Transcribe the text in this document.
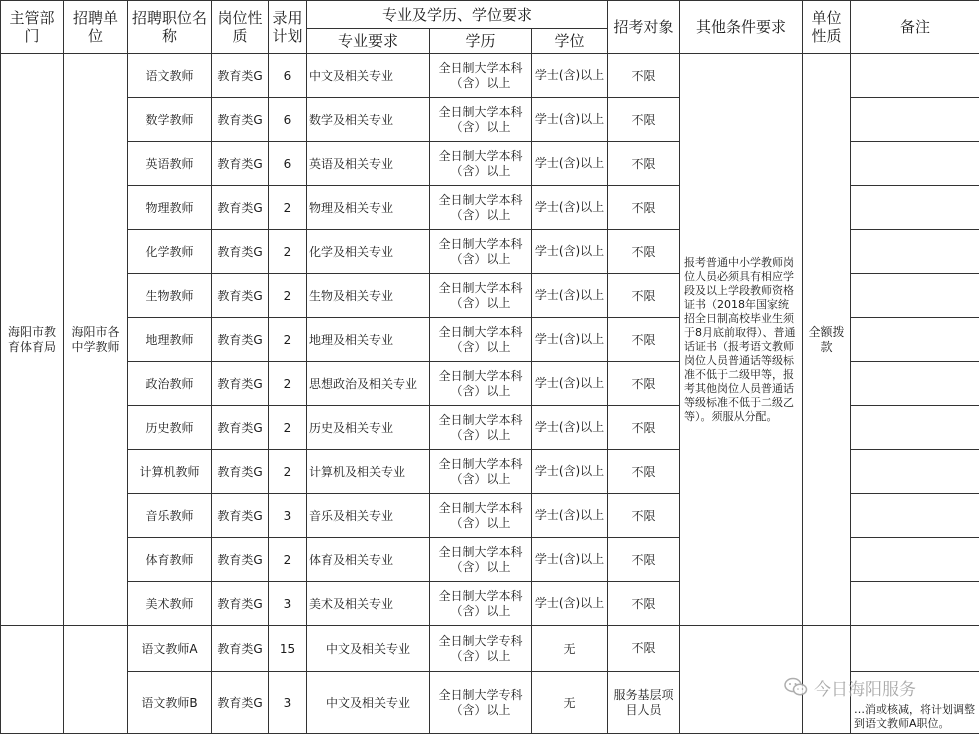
主管部门	招聘单位	招聘职位名称	岗位性质	录用计划	专业及学历、学位要求			招考对象	其他条件要求	单位性质	备注
					专业要求	学历	学位				
海阳市教育体育局	海阳市各中学教师	语文教师	教育类G	6	中文及相关专业	全日制大学本科（含）以上	学士(含)以上	不限	报考普通中小学教师岗位人员必须具有相应学段及以上学段教师资格证书（2018年国家统招全日制高校毕业生须于8月底前取得）、普通话证书（报考语文教师岗位人员普通话等级标准不低于二级甲等，报考其他岗位人员普通话等级标准不低于二级乙等）。须服从分配。	全额拨款	
		数学教师	教育类G	6	数学及相关专业	全日制大学本科（含）以上	学士(含)以上	不限			
		英语教师	教育类G	6	英语及相关专业	全日制大学本科（含）以上	学士(含)以上	不限			
		物理教师	教育类G	2	物理及相关专业	全日制大学本科（含）以上	学士(含)以上	不限			
		化学教师	教育类G	2	化学及相关专业	全日制大学本科（含）以上	学士(含)以上	不限			
		生物教师	教育类G	2	生物及相关专业	全日制大学本科（含）以上	学士(含)以上	不限			
		地理教师	教育类G	2	地理及相关专业	全日制大学本科（含）以上	学士(含)以上	不限			
		政治教师	教育类G	2	思想政治及相关专业	全日制大学本科（含）以上	学士(含)以上	不限			
		历史教师	教育类G	2	历史及相关专业	全日制大学本科（含）以上	学士(含)以上	不限			
		计算机教师	教育类G	2	计算机及相关专业	全日制大学本科（含）以上	学士(含)以上	不限			
		音乐教师	教育类G	3	音乐及相关专业	全日制大学本科（含）以上	学士(含)以上	不限			
		体育教师	教育类G	2	体育及相关专业	全日制大学本科（含）以上	学士(含)以上	不限			
		美术教师	教育类G	3	美术及相关专业	全日制大学本科（含）以上	学士(含)以上	不限			
		语文教师A	教育类G	15	中文及相关专业	全日制大学专科（含）以上	无	不限			
		语文教师B	教育类G	3	中文及相关专业	全日制大学专科（含）以上	无	服务基层项目人员			…消或核减，将计划调整到语文教师A职位。
今日海阳服务
